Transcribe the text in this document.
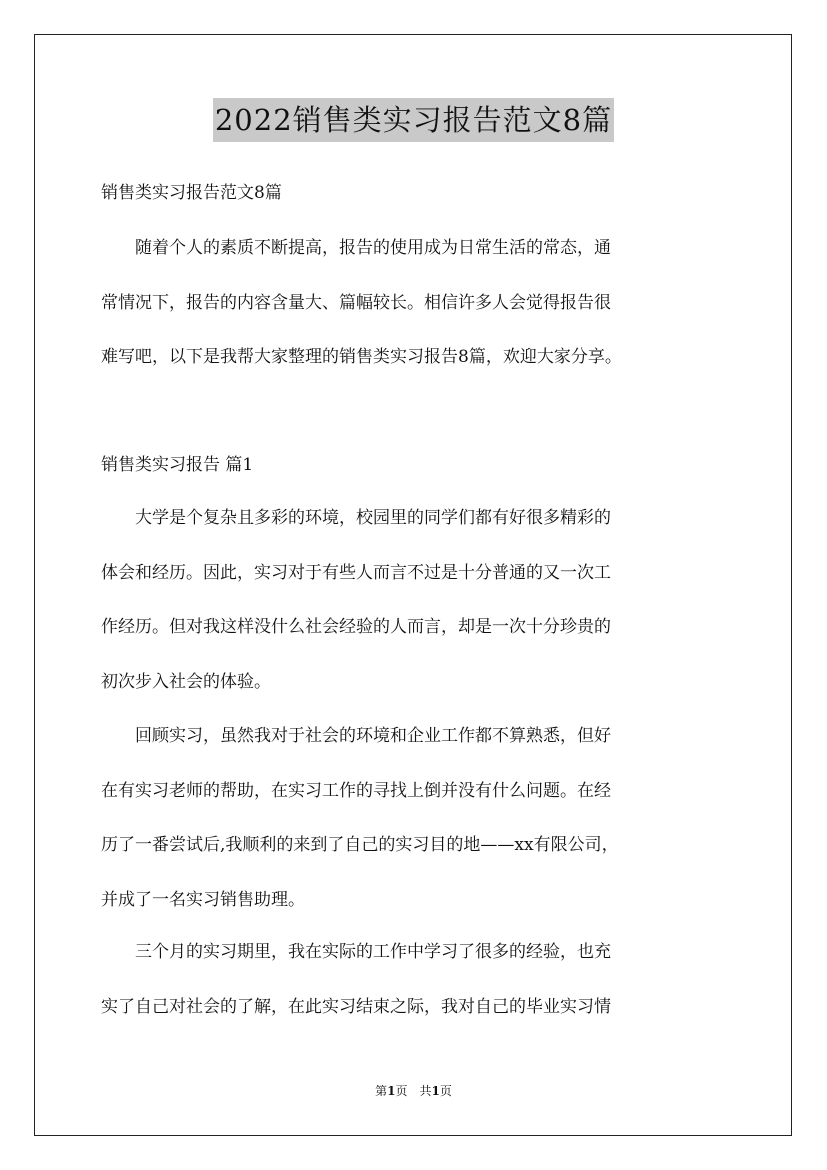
2022销售类实习报告范文8篇
销售类实习报告范文8篇
　　随着个人的素质不断提高，报告的使用成为日常生活的常态，通
常情况下，报告的内容含量大、篇幅较长。相信许多人会觉得报告很
难写吧，以下是我帮大家整理的销售类实习报告8篇，欢迎大家分享。
销售类实习报告 篇1
　　大学是个复杂且多彩的环境，校园里的同学们都有好很多精彩的
体会和经历。因此，实习对于有些人而言不过是十分普通的又一次工
作经历。但对我这样没什么社会经验的人而言，却是一次十分珍贵的
初次步入社会的体验。
　　回顾实习，虽然我对于社会的环境和企业工作都不算熟悉，但好
在有实习老师的帮助，在实习工作的寻找上倒并没有什么问题。在经
历了一番尝试后,我顺利的来到了自己的实习目的地——xx有限公司，
并成了一名实习销售助理。
　　三个月的实习期里，我在实际的工作中学习了很多的经验，也充
实了自己对社会的了解，在此实习结束之际，我对自己的毕业实习情
第1页　共1页
